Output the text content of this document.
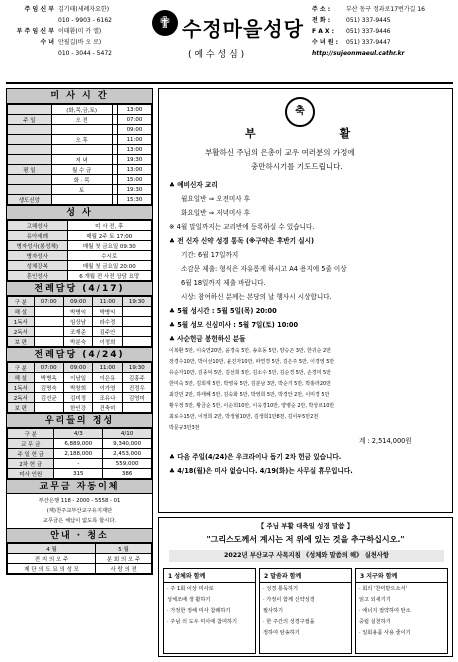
주 임 신 부 김기태(세례자요한)
010 - 9903 - 6162
부 주 임 신 부 이태환(미 카 엘)
수 녀 안필길(바 오 로)
010 - 3044 - 5472
✟ 수정마을성당
( 예 수 성 심 )
주 소 :	부산 동구 정과로17번가길 16
전 화 :	051) 337-9445
F A X : 051) 337-9446
수 녀 원 : 051) 337-9447
http://sujeonmaeul.cathr.kr
미 사 시 간
	(화,목,금,토)		13:00
주 일	오 전		07:00
			09:00
	오 후		11:00
			13:00
	저 녁		19:30
평 일	월 수 금		13:00
	화 · 목		15:00
	토		19:30
생도신앙			15:30
성 사
고해성사	미 사 전, 후
유아세례	매월 2주 토 17:00
병자성사(봉성체)	매월 첫 금요일 09:30
병자성사	수시로
성체강복	매월 첫 금요일 20:00
혼인성사	6 개월 전 사전 상담 요망
전례담당 (4/17)
구 분	07:00	09:00	11:00	19:30
해 설		박병익	박병익	
1독서		임상남	라수정	
2독서		조재준	김주안	
보 편		박분숙	이정희	
전례담당 (4/24)
구 분	07:00	09:00	11:00	19:30
해 설	박병옥	이남일	이은유	김홍주
1독서	김명숙	박창희	이가영	진정우
2독서	김선균	김미정	조유나	김영미
보 편		한인강	건축미	
우리들의 정성
구 분	4/3	4/10
교 무 금	6,889,000	9,340,000
주 일 헌 금	2,188,000	2,453,000
2차 헌 금	-	559,000
미사 인원	315	386
교무금 자동이체
부산은행 118 - 2000 - 5558 - 01
(재)천주교부산교구유지재단
교무금은 체납이 없도록 합시다.
안내 · 청소
4 월	5 월
전 지 의 오 주	분 회 의 오 주
제 단 의 도 묘 의 성 모	사 랑 의 전
축
부 활
부활하신 주님의 은총이 교우 여러분의 가정에
충만하시기를 기도드립니다.
♣ 예비신자 교리
월요일반 ⇒ 오전미사 후
화요일반 ⇒ 저녁미사 후
※ 4월 말일까지는 교리반에 등록하실 수 있습니다.
♣ 전 신자 신약 성경 통독 (※구약은 후반기 실시)
기간: 6월 17일까지
소감문 제출: 형식은 자유롭게 하시고 A4 용지에 5줄 이상
6월 18일까지 제출 바랍니다.
시상: 참여하신 분께는 본당의 날 행사시 시상합니다.
♣ 5월 성시간 : 5월 5일(목) 20:00
♣ 5월 성모 신심미사 : 5월 7일(토) 10:00
♣ 사순헌금 봉헌하신 분들
이복환 5만, 이숙연20만, 윤경숙 5만, 송호동 5만, 양승곤 3만, 한귀순 2만
장경수10만, 박이선10만, 윤진자10만, 파연경 5만, 김은주 5만, 이경영 5만
유순자10만, 김종덕 5만, 김선희 5만, 김소수 5만, 김순경 5만, 손경미 5만
한미숙 5만, 김희재 5만, 박영육 5만, 김분남 3만, 박순기 5만, 박홍라20만
최강민 2만, 하태혜 5만, 김숙화 5만, 박영희 5만, 박경안 2만, 이미경 5만
황우정 5만, 황금순 5만, 이순희10만, 이옥경10만, 양병순 2만, 박상르10만
최로수15만, 이정희 2만, 박정월10만, 김생희1만8천, 김이두5만2천
박문규3만3천
계 : 2,514,000원
♣ 다음 주일(4/24)은 우크라이나 돕기 2차 헌금 있습니다.
♣ 4/18(월)은 미사 없습니다. 4/19(화)는 사무실 휴무입니다.
【 주님 부활 대축일 성경 말씀 】
"그리스도께서 계시는 저 위에 있는 것을 추구하십시오."
2022년 부산교구 사목지침 《성체와 말씀의 해》 실천사항
1 성체와 함께
· 주 1회 이상 미사로
성체조배 생 활하기
· 가정한 정해 미사 참례하기
· 주님 의 도우 미사에 참여하기
2 말씀과 함께
· 성경 통독하기
· 가정이 함께 신약성경
필사하기
· 한 주간의 성경구절을
정하여 암송하기
3 지구와 함께
· 회의 '찬미받으소서'
읽고 되새기기
· 에너지 절약하여 탄소
중립 실천하기
· 일회용품 사용 줄이기
